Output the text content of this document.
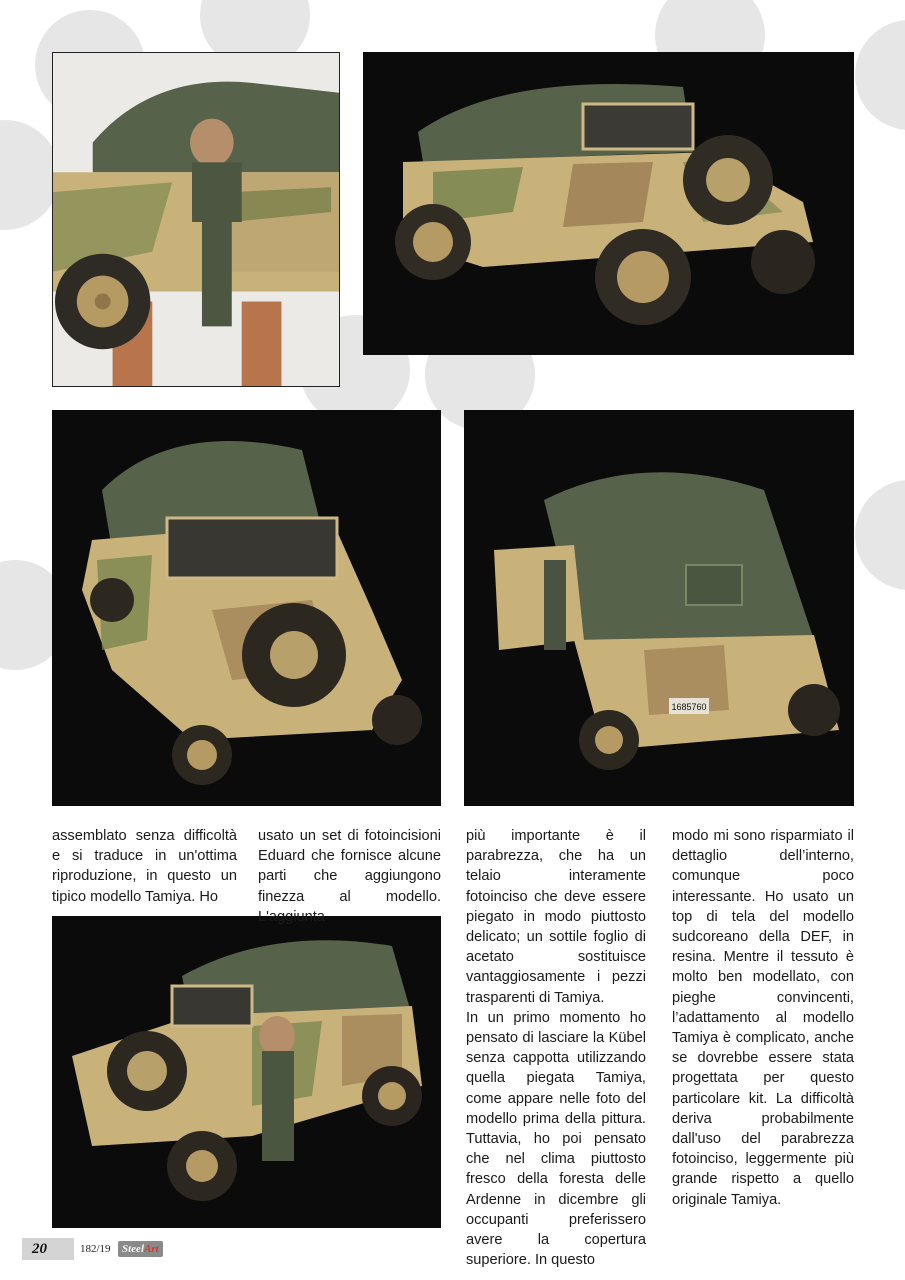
1685760

assemblato senza difficoltà e si traduce in un'ottima riproduzione, in questo un tipico modello Tamiya. Ho

usato un set di fotoincisioni Eduard che fornisce alcune parti che aggiungono finezza al modello. L'aggiunta

più importante è il parabrezza, che ha un telaio interamente fotoinciso che deve essere piegato in modo piuttosto delicato; un sottile foglio di acetato sostituisce vantaggiosamente i pezzi trasparenti di Tamiya.

In un primo momento ho pensato di lasciare la Kübel senza cappotta utilizzando quella piegata Tamiya, come appare nelle foto del modello prima della pittura. Tuttavia, ho poi pensato che nel clima piuttosto fresco della foresta delle Ardenne in dicembre gli occupanti preferissero avere la copertura superiore. In questo

modo mi sono risparmiato il dettaglio dell’interno, comunque poco interessante. Ho usato un top di tela del modello sudcoreano della DEF, in resina. Mentre il tessuto è molto ben modellato, con pieghe convincenti, l’adattamento al modello Tamiya è complicato, anche se dovrebbe essere stata progettata per questo particolare kit. La difficoltà deriva probabilmente dall'uso del parabrezza fotoinciso, leggermente più grande rispetto a quello originale Tamiya.

20	182/19	SteelArt
